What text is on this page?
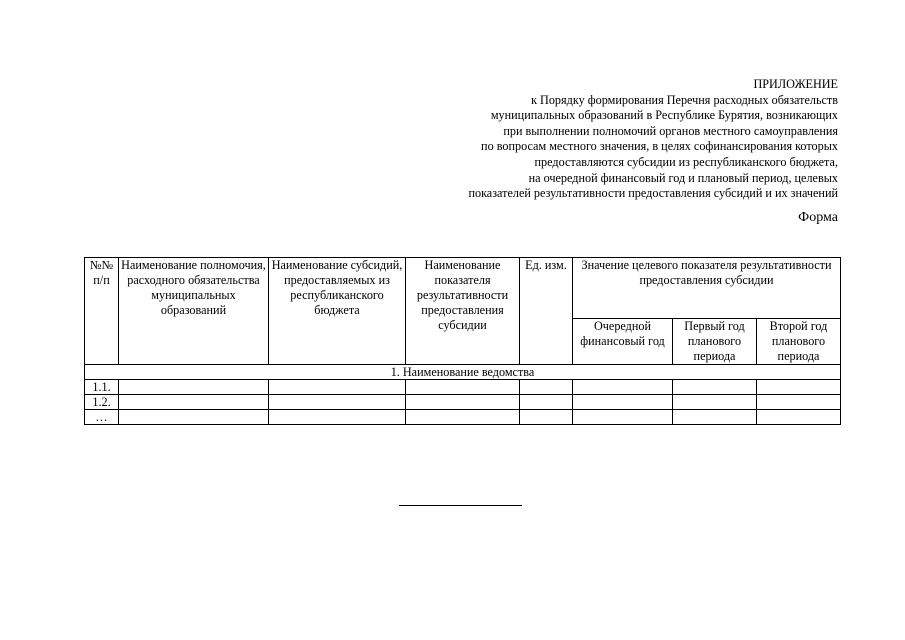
ПРИЛОЖЕНИЕ
к Порядку формирования Перечня расходных обязательств
муниципальных образований в Республике Бурятия, возникающих
при выполнении полномочий органов местного самоуправления
по вопросам местного значения, в целях софинансирования которых
предоставляются субсидии из республиканского бюджета,
на очередной финансовый год и плановый период, целевых
показателей результативности предоставления субсидий и их значений
Форма
№№ п/п	Наименование полномочия, расходного обязательства муниципальных образований	Наименование субсидий, предоставляемых из республиканского бюджета	Наименование показателя результативности предоставления субсидии	Ед. изм.	Значение целевого показателя результативности предоставления субсидии		
					Очередной финансовый год	Первый год планового периода	Второй год планового периода
1. Наименование ведомства							
1.1.							
1.2.							
…							
